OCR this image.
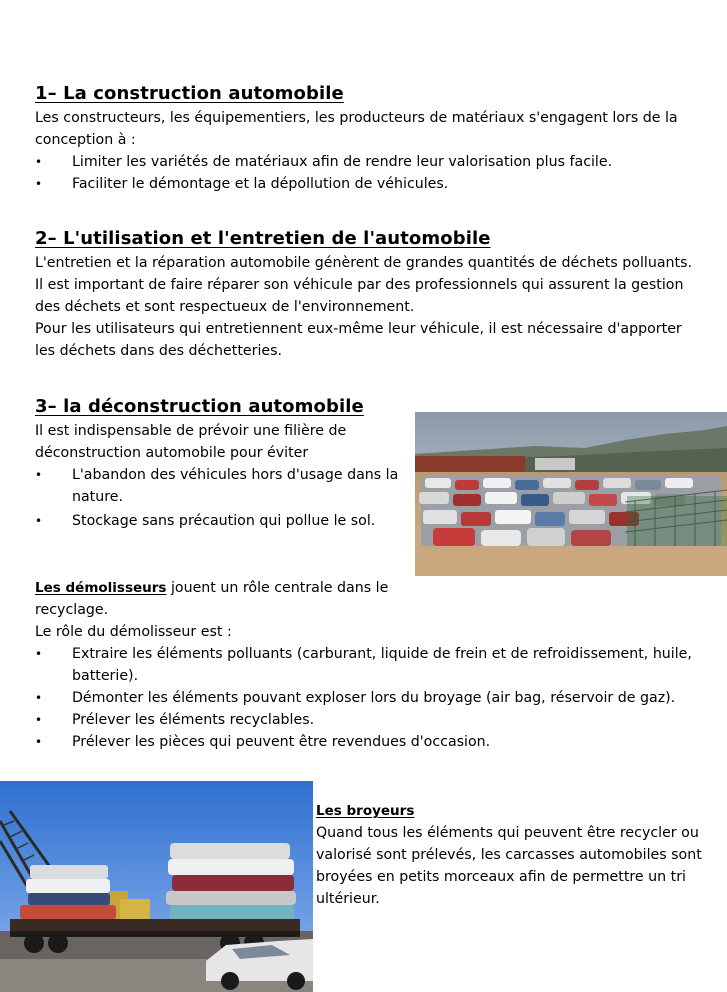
1– La construction automobile

Les constructeurs, les équipementiers, les producteurs de matériaux s'engagent lors de la conception à :

• Limiter les variétés de matériaux afin de rendre leur valorisation plus facile.
• Faciliter le démontage et la dépollution de véhicules.
2– L'utilisation et l'entretien de l'automobile

L'entretien et la réparation automobile génèrent de grandes quantités de déchets polluants. Il est important de faire réparer son véhicule par des professionnels qui assurent la gestion des déchets et sont respectueux de l'environnement.

Pour les utilisateurs qui entretiennent eux-même leur véhicule, il est nécessaire d'apporter les déchets dans des déchetteries.

3– la déconstruction automobile

Il est indispensable de prévoir une filière de déconstruction automobile pour éviter

• L'abandon des véhicules hors d'usage dans la nature.
• Stockage sans précaution qui pollue le sol.

Les démolisseurs jouent un rôle centrale dans le recyclage.

Le rôle du démolisseur est :

• Extraire les éléments polluants (carburant, liquide de frein et de refroidissement, huile, batterie).
• Démonter les éléments pouvant exploser lors du broyage (air bag, réservoir de gaz).
• Prélever les éléments recyclables.
• Prélever les pièces qui peuvent être revendues d'occasion.

Les broyeurs

Quand tous les éléments qui peuvent être recycler ou valorisé sont prélevés, les carcasses automobiles sont broyées en petits morceaux afin de permettre un tri ultérieur.
